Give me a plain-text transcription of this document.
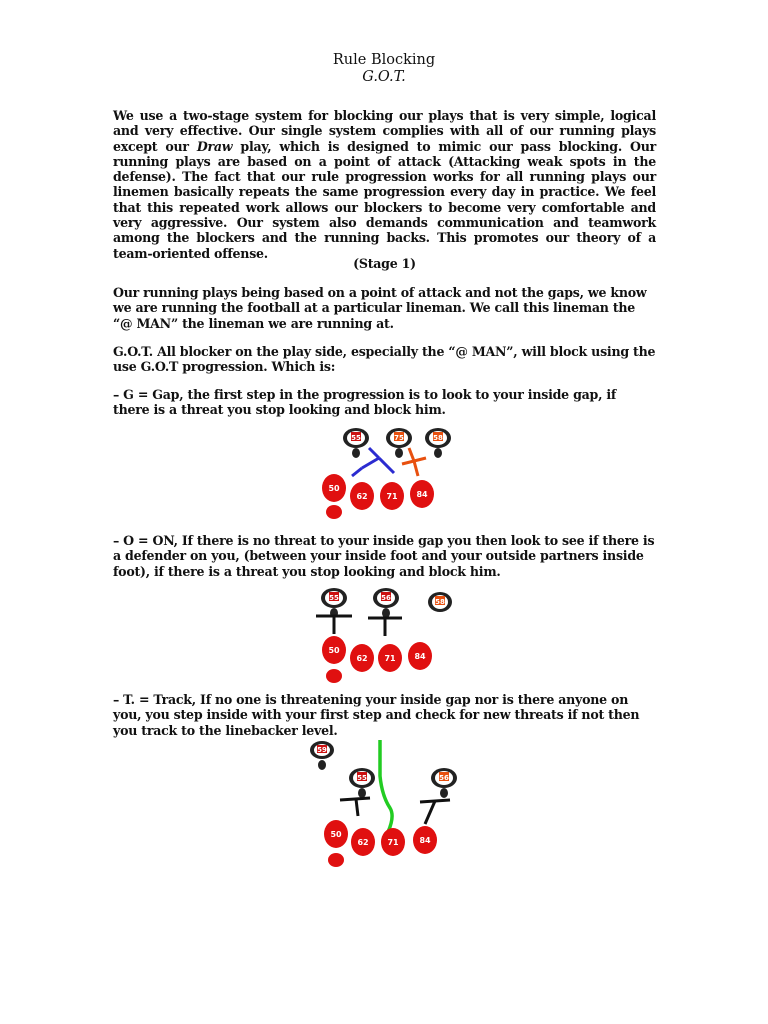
Rule Blocking
G.O.T.
We use a two-stage system for blocking our plays that is very simple, logical and very effective. Our single system complies with all of our running plays except our Draw play, which is designed to mimic our pass blocking. Our running plays are based on a point of attack (Attacking weak spots in the defense). The fact that our rule progression works for all running plays our linemen basically repeats the same progression every day in practice. We feel that this repeated work allows our blockers to become very comfortable and very aggressive. Our system also demands communication and teamwork among the blockers and the running backs. This promotes our theory of a team-oriented offense.
(Stage 1)
Our running plays being based on a point of attack and not the gaps, we know we are running the football at a particular lineman. We call this lineman the “@ MAN” the lineman we are running at.
G.O.T. All blocker on the play side, especially the “@ MAN”, will block using the use G.O.T progression. Which is:
– G = Gap, the first step in the progression is to look to your inside gap, if there is a threat you stop looking and block him.
55	75	58
50
62 71 84
– O = ON, If there is no threat to your inside gap you then look to see if there is a defender on you, (between your inside foot and your outside partners inside foot), if there is a threat you stop looking and block him.
55	56	58
50
62 71 84
– T. = Track, If no one is threatening your inside gap nor is there anyone on you, you step inside with your first step and check for new threats if not then you track to the linebacker level.
59
55	56
50
62 71	84
